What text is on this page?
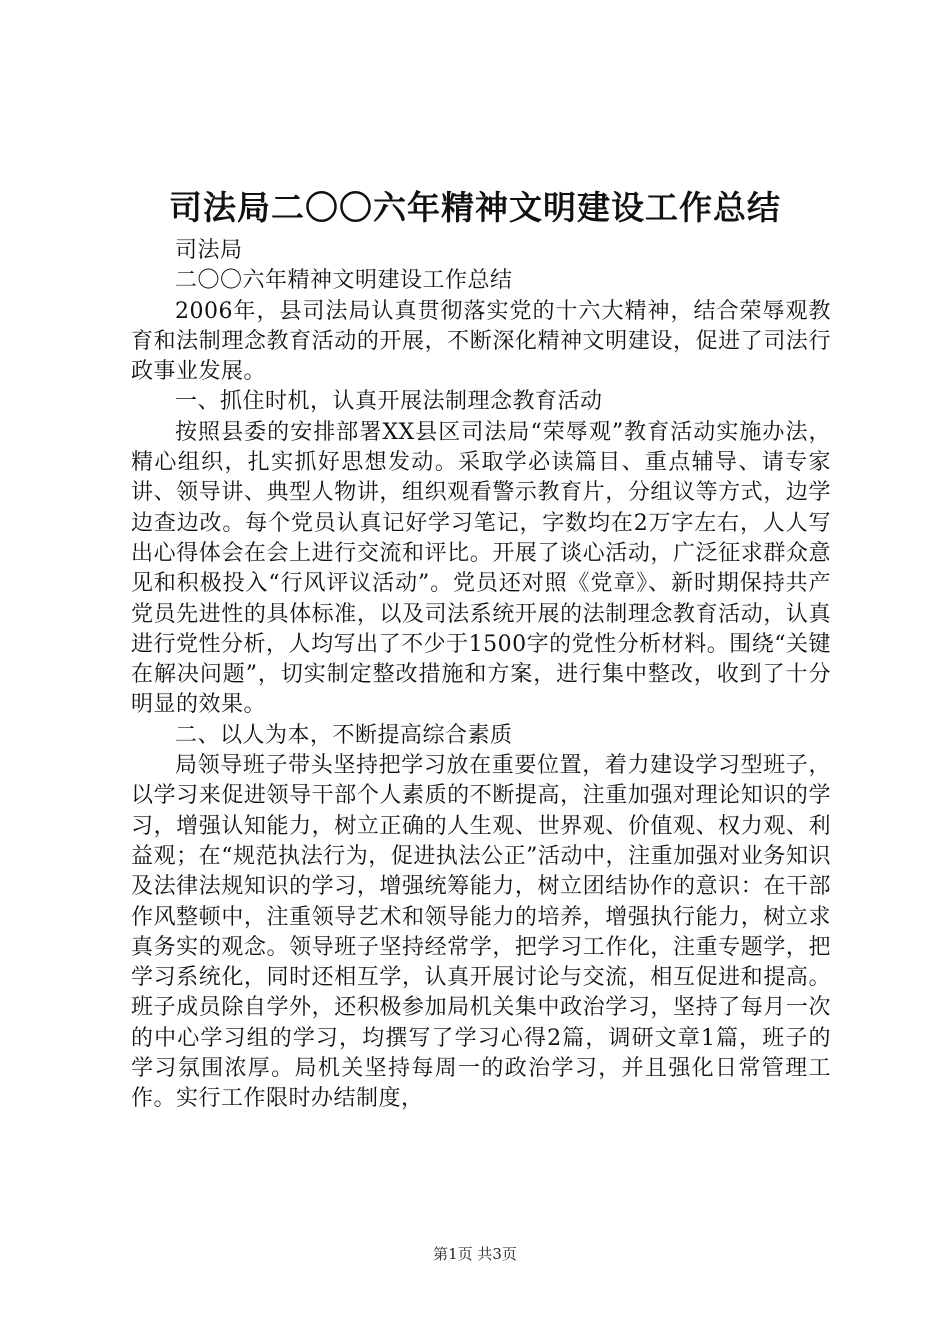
司法局二〇〇六年精神文明建设工作总结

司法局

二〇〇六年精神文明建设工作总结

2006年，县司法局认真贯彻落实党的十六大精神，结合荣辱观教育和法制理念教育活动的开展，不断深化精神文明建设，促进了司法行政事业发展。

一、抓住时机，认真开展法制理念教育活动

按照县委的安排部署XX县区司法局“荣辱观”教育活动实施办法，精心组织，扎实抓好思想发动。采取学必读篇目、重点辅导、请专家讲、领导讲、典型人物讲，组织观看警示教育片，分组议等方式，边学边查边改。每个党员认真记好学习笔记，字数均在2万字左右，人人写出心得体会在会上进行交流和评比。开展了谈心活动，广泛征求群众意见和积极投入“行风评议活动”。党员还对照《党章》、新时期保持共产党员先进性的具体标准，以及司法系统开展的法制理念教育活动，认真进行党性分析，人均写出了不少于1500字的党性分析材料。围绕“关键在解决问题”，切实制定整改措施和方案，进行集中整改，收到了十分明显的效果。

二、以人为本，不断提高综合素质

局领导班子带头坚持把学习放在重要位置，着力建设学习型班子，以学习来促进领导干部个人素质的不断提高，注重加强对理论知识的学习，增强认知能力，树立正确的人生观、世界观、价值观、权力观、利益观；在“规范执法行为，促进执法公正”活动中，注重加强对业务知识及法律法规知识的学习，增强统筹能力，树立团结协作的意识：在干部作风整顿中，注重领导艺术和领导能力的培养，增强执行能力，树立求真务实的观念。领导班子坚持经常学，把学习工作化，注重专题学，把学习系统化，同时还相互学，认真开展讨论与交流，相互促进和提高。班子成员除自学外，还积极参加局机关集中政治学习，坚持了每月一次的中心学习组的学习，均撰写了学习心得2篇，调研文章1篇，班子的学习氛围浓厚。局机关坚持每周一的政治学习，并且强化日常管理工作。实行工作限时办结制度，

第1页 共3页
